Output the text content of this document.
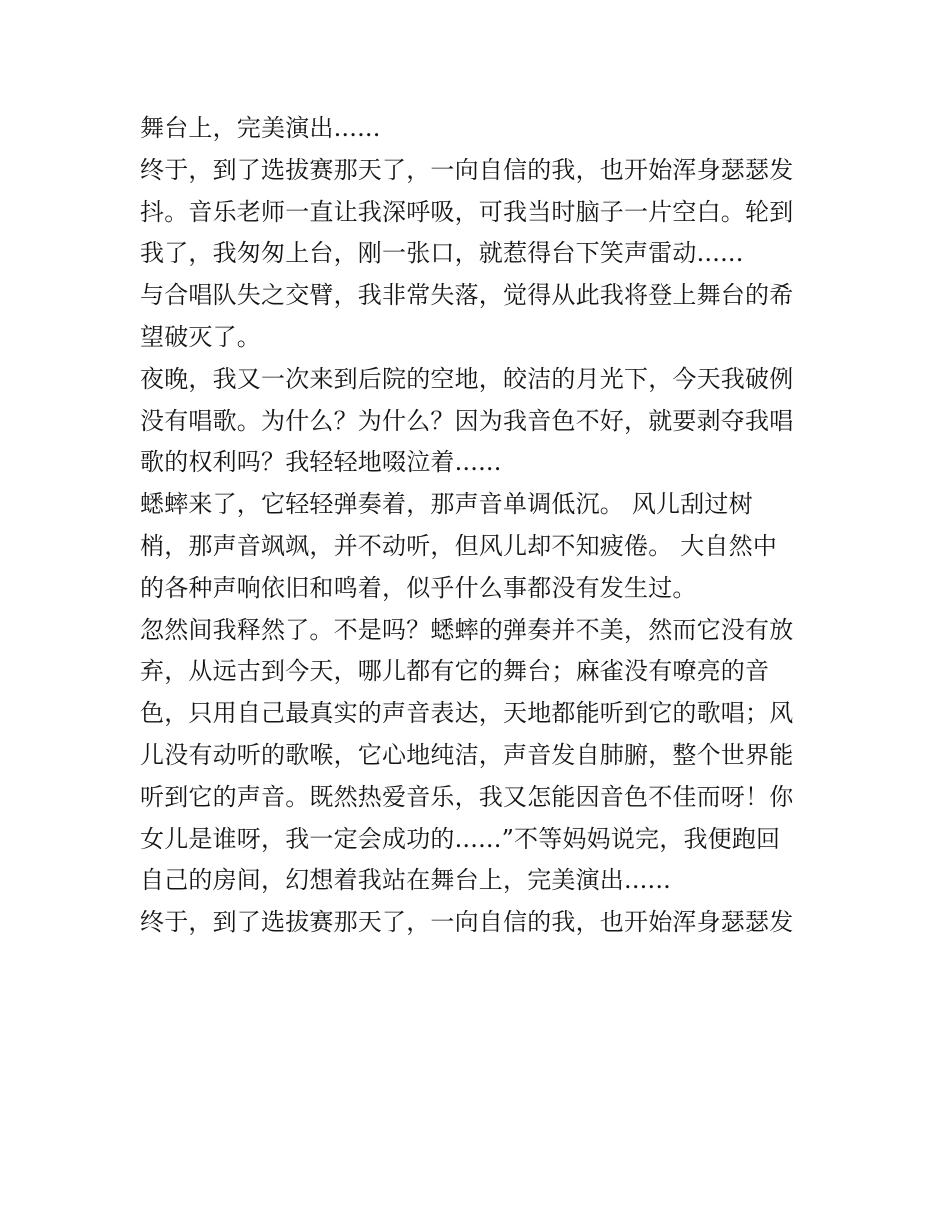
舞台上，完美演出......

终于，到了选拔赛那天了，一向自信的我，也开始浑身瑟瑟发
抖。音乐老师一直让我深呼吸，可我当时脑子一片空白。轮到
我了，我匆匆上台，刚一张口，就惹得台下笑声雷动......

与合唱队失之交臂，我非常失落，觉得从此我将登上舞台的希
望破灭了。

夜晚，我又一次来到后院的空地，皎洁的月光下，今天我破例
没有唱歌。为什么？为什么？因为我音色不好，就要剥夺我唱
歌的权利吗？我轻轻地啜泣着......

蟋蟀来了，它轻轻弹奏着，那声音单调低沉。 风儿刮过树
梢，那声音飒飒，并不动听，但风儿却不知疲倦。 大自然中
的各种声响依旧和鸣着，似乎什么事都没有发生过。

忽然间我释然了。不是吗？蟋蟀的弹奏并不美，然而它没有放
弃，从远古到今天，哪儿都有它的舞台；麻雀没有嘹亮的音
色，只用自己最真实的声音表达，天地都能听到它的歌唱；风
儿没有动听的歌喉，它心地纯洁，声音发自肺腑，整个世界能
听到它的声音。既然热爱音乐，我又怎能因音色不佳而呀！你
女儿是谁呀，我一定会成功的......”不等妈妈说完，我便跑回
自己的房间，幻想着我站在舞台上，完美演出......

终于，到了选拔赛那天了，一向自信的我，也开始浑身瑟瑟发
